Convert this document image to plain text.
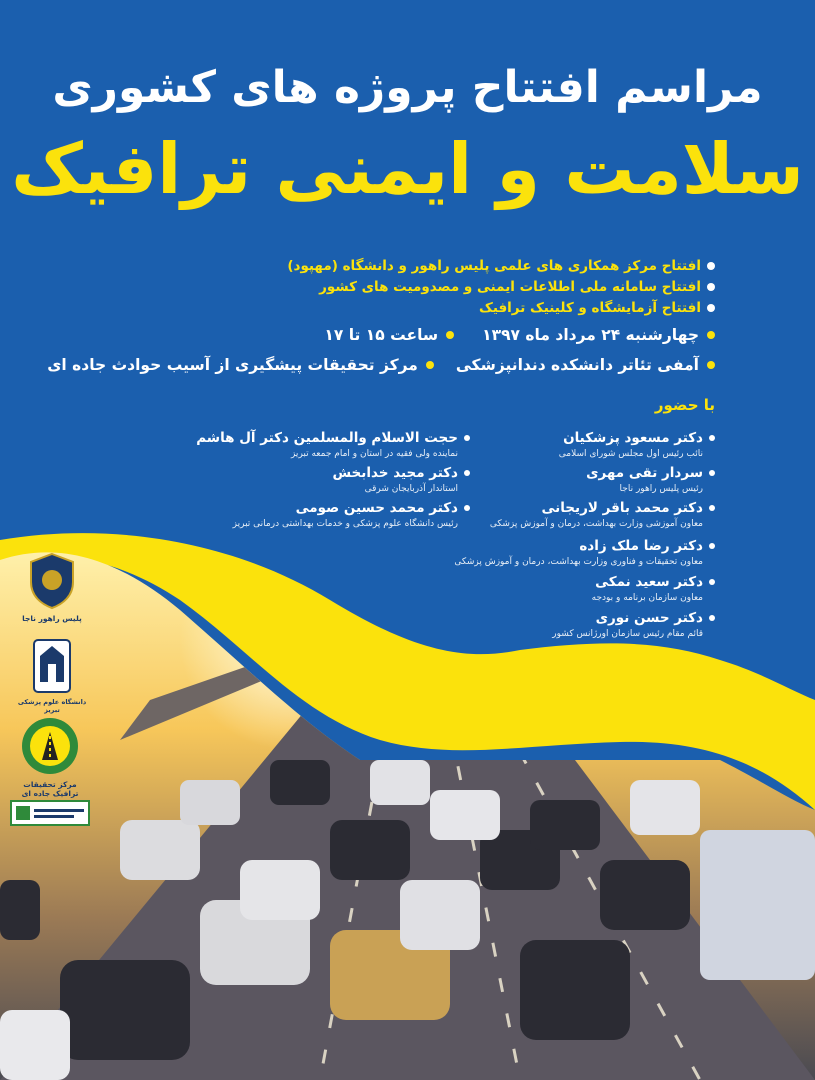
مراسم افتتاح پروژه های کشوری
سلامت و ایمنی ترافیک
افتتاح مرکز همکاری های علمی پلیس راهور و دانشگاه (مهپود)
افتتاح سامانه ملی اطلاعات ایمنی و مصدومیت های کشور
افتتاح آزمایشگاه و کلینیک ترافیک
چهارشنبه ۲۴ مرداد ماه ۱۳۹۷
ساعت ۱۵ تا ۱۷
آمفی تئاتر دانشکده دندانپزشکی
مرکز تحقیقات پیشگیری از آسیب حوادث جاده ای
با حضور
دکتر مسعود پزشکیان
نائب رئیس اول مجلس شورای اسلامی
سردار تقی مهری
رئیس پلیس راهور ناجا
دکتر محمد باقر لاریجانی
معاون آموزشی وزارت بهداشت، درمان و آموزش پزشکی
دکتر رضا ملک زاده
معاون تحقیقات و فناوری وزارت بهداشت، درمان و آموزش پزشکی
دکتر سعید نمکی
معاون سازمان برنامه و بودجه
دکتر حسن نوری
قائم مقام رئیس سازمان اورژانس کشور
حجت الاسلام والمسلمین دکتر آل هاشم
نماینده ولی فقیه در استان و امام جمعه تبریز
دکتر مجید خدابخش
استاندار آذربایجان شرقی
دکتر محمد حسین صومی
رئیس دانشگاه علوم پزشکی و خدمات بهداشتی درمانی تبریز
پلیس راهور ناجا
دانشگاه علوم پزشکی تبریز
مرکز تحقیقات ترافیک جاده ای
